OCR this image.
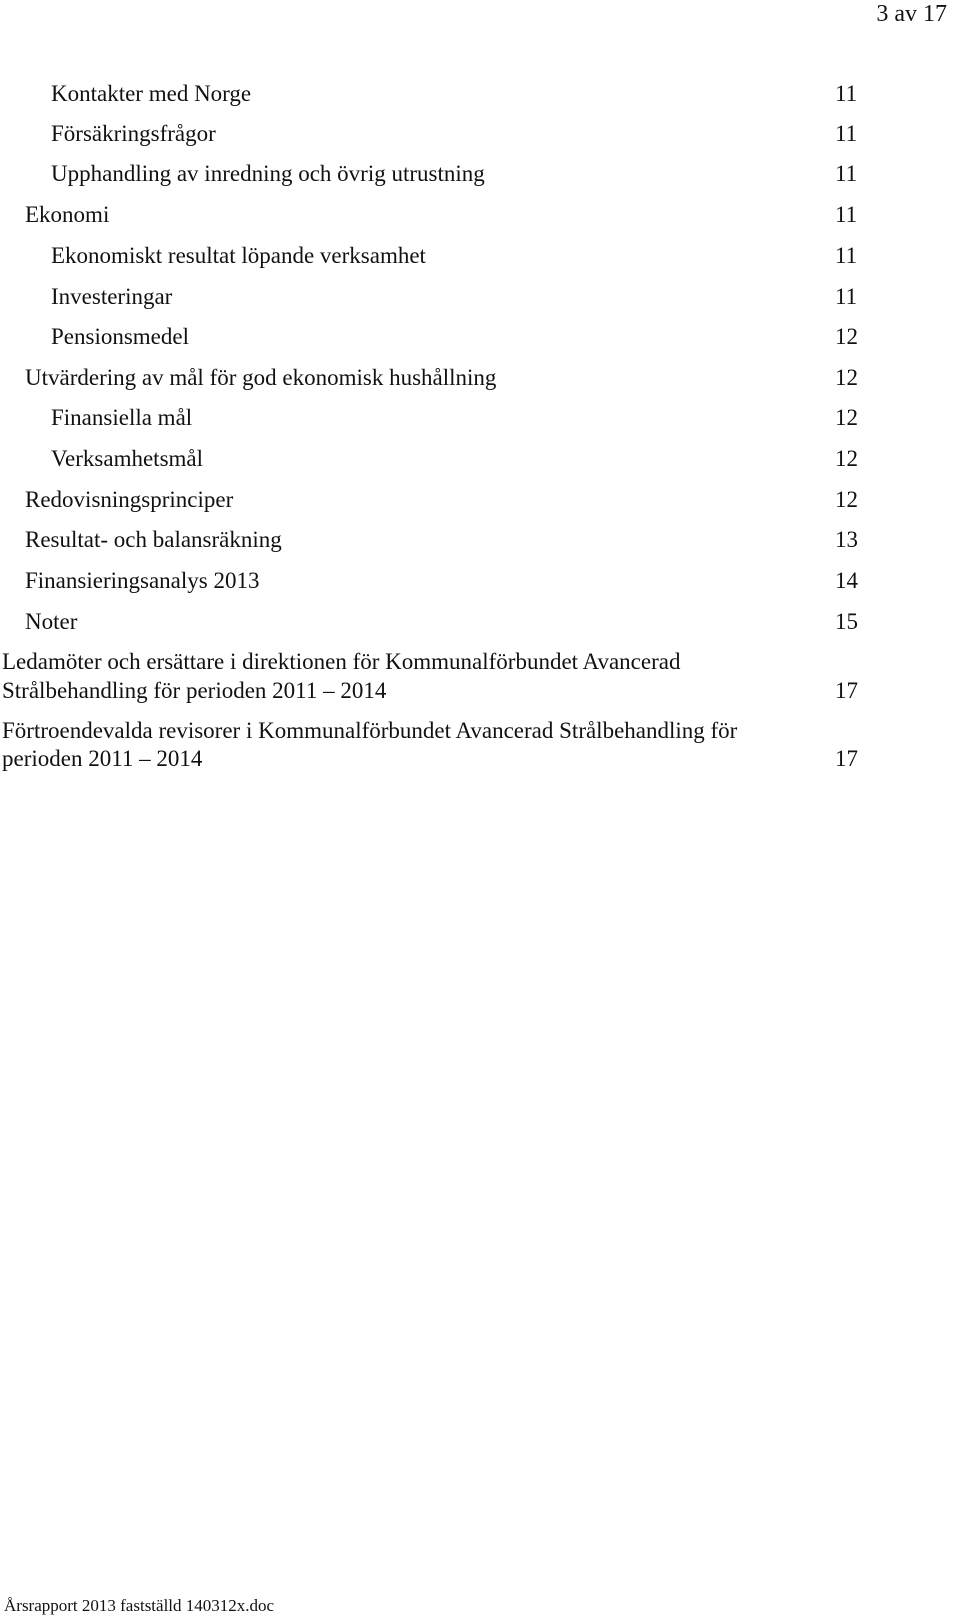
3 av 17
Kontakter med Norge	11
Försäkringsfrågor	11
Upphandling av inredning och övrig utrustning	11
Ekonomi	11
Ekonomiskt resultat löpande verksamhet	11
Investeringar	11
Pensionsmedel	12
Utvärdering av mål för god ekonomisk hushållning	12
Finansiella mål	12
Verksamhetsmål	12
Redovisningsprinciper	12
Resultat- och balansräkning	13
Finansieringsanalys 2013	14
Noter	15
Ledamöter och ersättare i direktionen för Kommunalförbundet Avancerad
Strålbehandling för perioden 2011 – 2014	17
Förtroendevalda revisorer i Kommunalförbundet Avancerad Strålbehandling för
perioden 2011 – 2014	17
Årsrapport 2013 fastställd 140312x.doc
